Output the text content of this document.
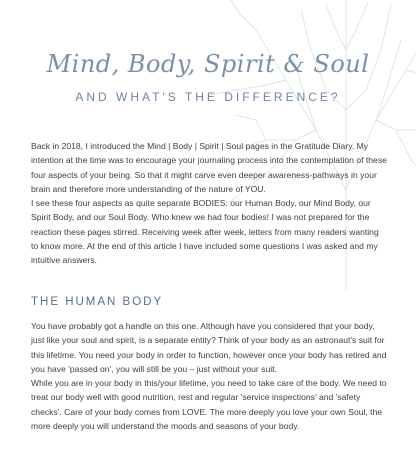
Mind, Body, Spirit & Soul
AND WHAT'S THE DIFFERENCE?

Back in 2018, I introduced the Mind | Body | Spirit | Soul pages in the Gratitude Diary. My intention at the time was to encourage your journaling process into the contemplation of these four aspects of your being. So that it might carve even deeper awareness-pathways in your brain and therefore more understanding of the nature of YOU.

I see these four aspects as quite separate BODIES: our Human Body, our Mind Body, our Spirit Body, and our Soul Body. Who knew we had four bodies! I was not prepared for the reaction these pages stirred. Receiving week after week, letters from many readers wanting to know more. At the end of this article I have included some questions I was asked and my intuitive answers.

THE HUMAN BODY

You have probably got a handle on this one. Although have you considered that your body, just like your soul and spirit, is a separate entity? Think of your body as an astronaut's suit for this lifetime. You need your body in order to function, however once your body has retired and you have 'passed on', you will still be you – just without your suit.

While you are in your body in this/your lifetime, you need to take care of the body. We need to treat our body well with good nutrition, rest and regular 'service inspections' and 'safety checks'. Care of your body comes from LOVE. The more deeply you love your own Soul, the more deeply you will understand the moods and seasons of your body.
